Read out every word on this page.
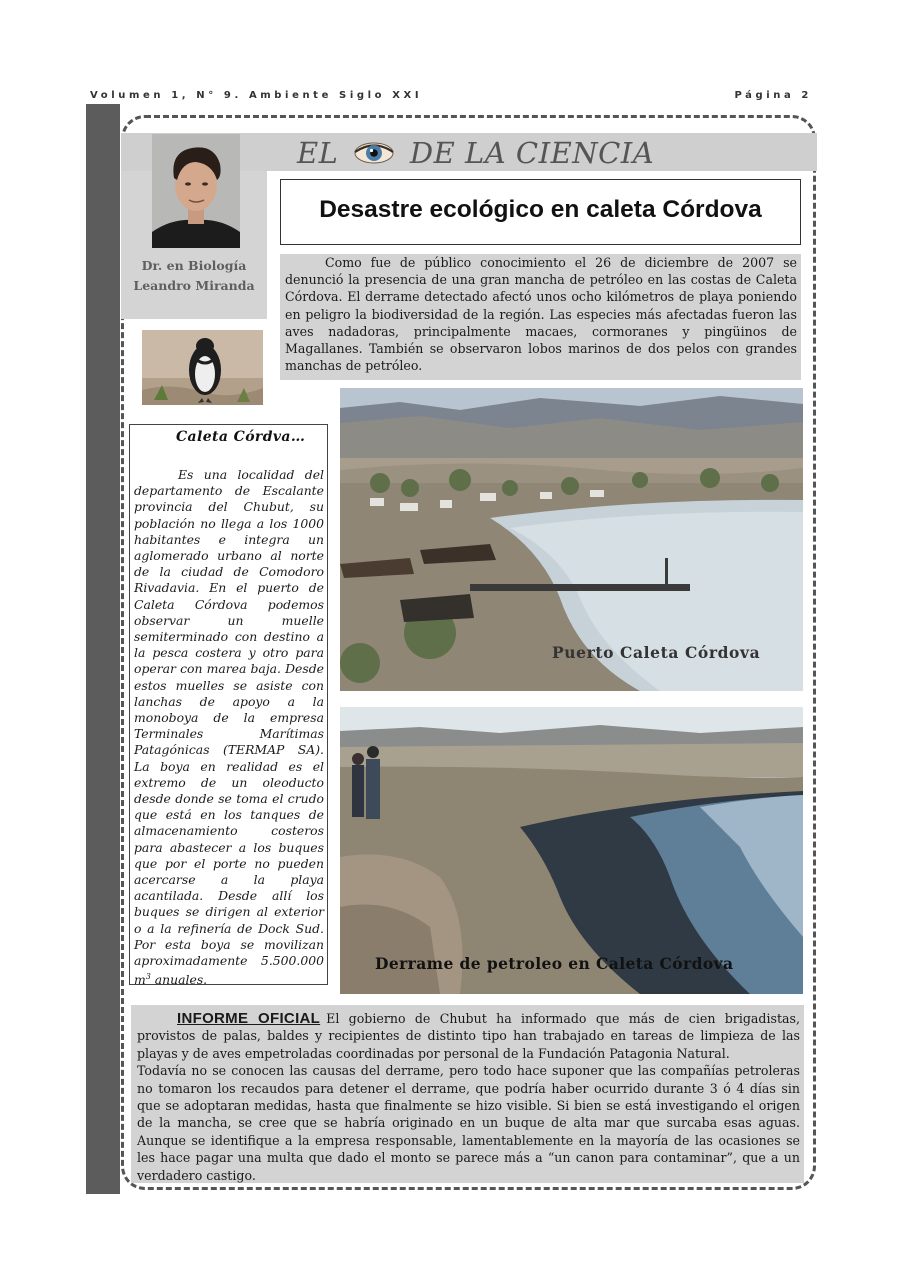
Volumen 1, N° 9. Ambiente Siglo XXI	Página 2
EL DE LA CIENCIA
Dr. en Biología
Leandro Miranda
Desastre ecológico en caleta Córdova
Como fue de público conocimiento el 26 de diciembre de 2007 se denunció la presencia de una gran mancha de petróleo en las costas de Caleta Córdova. El derrame detectado afectó unos ocho kilómetros de playa poniendo en peligro la biodiversidad de la región. Las especies más afectadas fueron las aves nadadoras, principalmente macaes, cormoranes y pingüinos de Magallanes. También se observaron lobos marinos de dos pelos con grandes manchas de petróleo.
Caleta Córdva…
Es una localidad del departamento de Escalante provincia del Chubut, su población no llega a los 1000 habitantes e integra un aglomerado urbano al norte de la ciudad de Comodoro Rivadavia. En el puerto de Caleta Córdova podemos observar un muelle semiterminado con destino a la pesca costera y otro para operar con marea baja. Desde estos muelles se asiste con lanchas de apoyo a la monoboya de la empresa Terminales Marítimas Patagónicas (TERMAP SA). La boya en realidad es el extremo de un oleoducto desde donde se toma el crudo que está en los tanques de almacenamiento costeros para abastecer a los buques que por el porte no pueden acercarse a la playa acantilada. Desde allí los buques se dirigen al exterior o a la refinería de Dock Sud. Por esta boya se movilizan aproximadamente 5.500.000 $m^3$ anuales.
Puerto Caleta Córdova
Derrame de petroleo en Caleta Córdova

INFORME OFICIAL El gobierno de Chubut ha informado que más de cien brigadistas, provistos de palas, baldes y recipientes de distinto tipo han trabajado en tareas de limpieza de las playas y de aves empetroladas coordinadas por personal de la Fundación Patagonia Natural.

Todavía no se conocen las causas del derrame, pero todo hace suponer que las compañías petroleras no tomaron los recaudos para detener el derrame, que podría haber ocurrido durante 3 ó 4 días sin que se adoptaran medidas, hasta que finalmente se hizo visible. Si bien se está investigando el origen de la mancha, se cree que se habría originado en un buque de alta mar que surcaba esas aguas. Aunque se identifique a la empresa responsable, lamentablemente en la mayoría de las ocasiones se les hace pagar una multa que dado el monto se parece más a “un canon para contaminar”, que a un verdadero castigo.
